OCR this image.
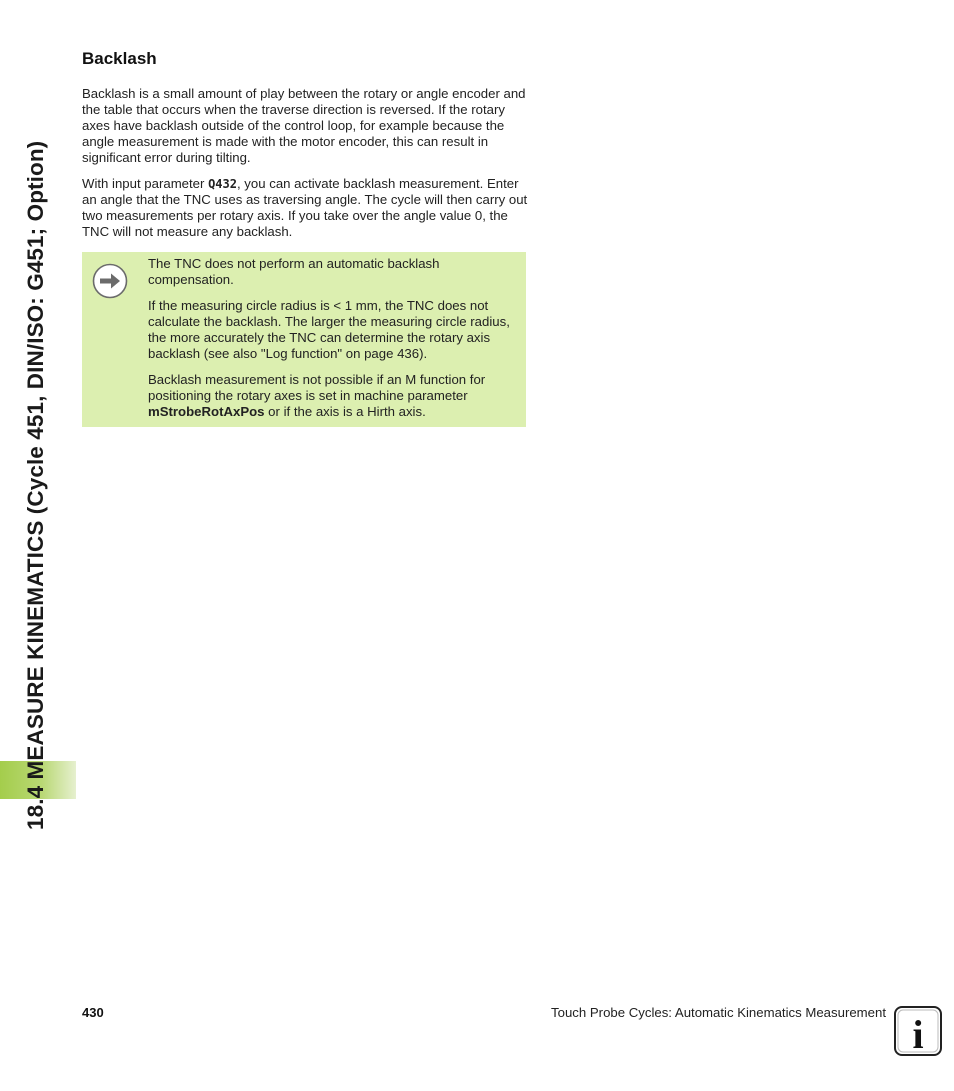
18.4 MEASURE KINEMATICS (Cycle 451, DIN/ISO: G451; Option)
Backlash

Backlash is a small amount of play between the rotary or angle encoder and the table that occurs when the traverse direction is reversed. If the rotary axes have backlash outside of the control loop, for example because the angle measurement is made with the motor encoder, this can result in significant error during tilting.

With input parameter Q432, you can activate backlash measurement. Enter an angle that the TNC uses as traversing angle. The cycle will then carry out two measurements per rotary axis. If you take over the angle value 0, the TNC will not measure any backlash.

The TNC does not perform an automatic backlash compensation.

If the measuring circle radius is < 1 mm, the TNC does not calculate the backlash. The larger the measuring circle radius, the more accurately the TNC can determine the rotary axis backlash (see also "Log function" on page 436).

Backlash measurement is not possible if an M function for positioning the rotary axes is set in machine parameter mStrobeRotAxPos or if the axis is a Hirth axis.

430	Touch Probe Cycles: Automatic Kinematics Measurement i
